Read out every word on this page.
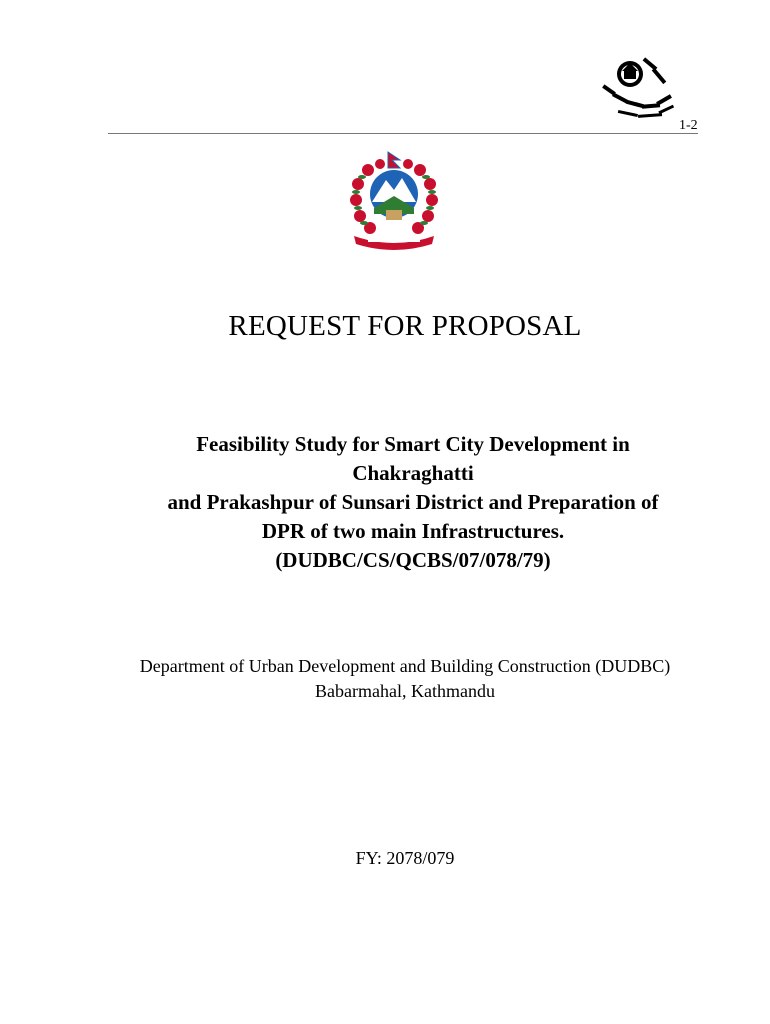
1-2
REQUEST FOR PROPOSAL
Feasibility Study for Smart City Development in
Chakraghatti
and Prakashpur of Sunsari District and Preparation of
DPR of two main Infrastructures.
(DUDBC/CS/QCBS/07/078/79)
Department of Urban Development and Building Construction (DUDBC)
Babarmahal, Kathmandu
FY: 2078/079
